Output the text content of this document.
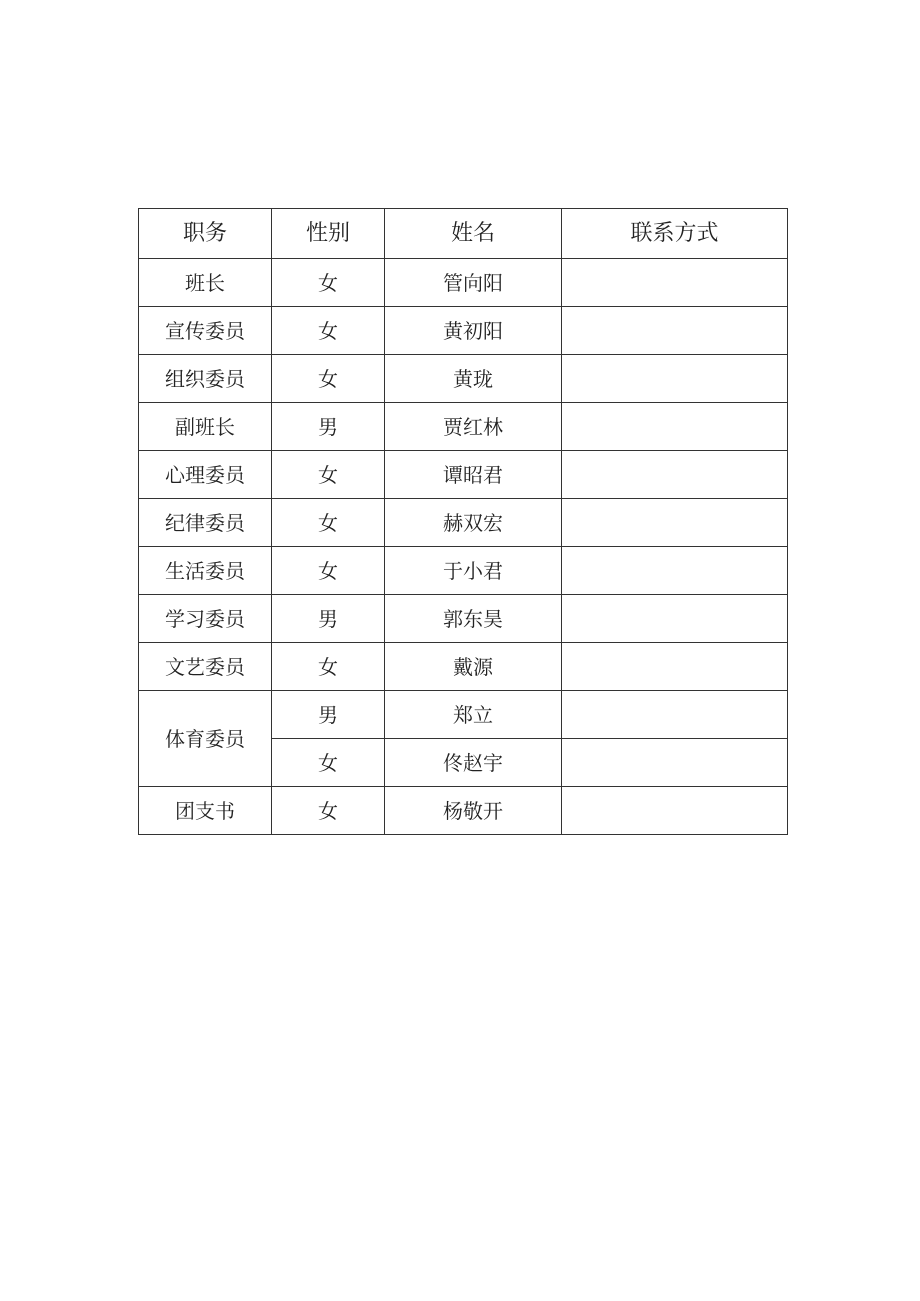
职务	性别	姓名	联系方式
班长	女	管向阳	
宣传委员	女	黄初阳	
组织委员	女	黄珑	
副班长	男	贾红林	
心理委员	女	谭昭君	
纪律委员	女	赫双宏	
生活委员	女	于小君	
学习委员	男	郭东昊	
文艺委员	女	戴源	
体育委员	男	郑立	
	女	佟赵宇	
团支书	女	杨敬开	
